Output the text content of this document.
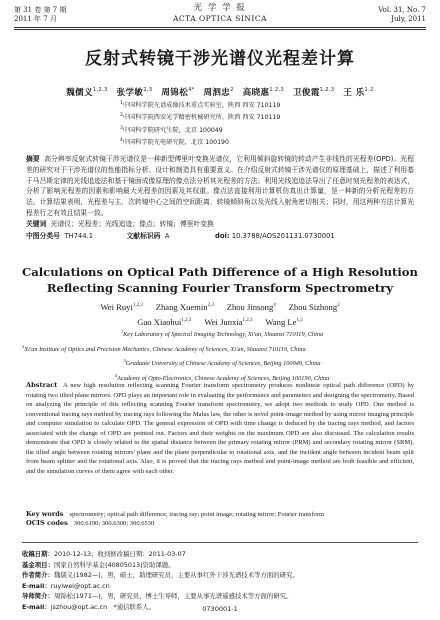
第 31 卷 第 7 期
2011 年 7 月
光 学 学 报
ACTA OPTICA SINICA
Vol. 31, No. 7
July, 2011
反射式转镜干涉光谱仪光程差计算
魏儒义$^{1,2,3}$  张学敏$^{2,3}$  周锦松$^{4*}$  周泗忠$^2$  高晓惠$^{1,2,3}$  卫俊霞$^{1,2,3}$  王 乐$^{1,2}$
$^1$中国科学院光谱成像技术重点实验室，陕西 西安 710119
$^2$中国科学院西安光学精密机械研究所，陕西 西安 710119
$^3$中国科学院研究生院，北京 100049
$^4$中国科学院光电研究院，北京 100190
摘要 高分辨率反射式转镜干涉光谱仪是一种新型傅里叶变换光谱仪，它利用倾斜旋转镜的转动产生非线性的光程差(OPD)。光程差的研究对于干涉光谱仪的性能指标分析、设计和制造具有重要意义。在介绍反射式转镜干涉光谱仪的原理基础上，描述了利用基于马吕斯定律的光线追迹法和基于镜面成像原理的像点法分析其光程差的方法。利用光线追迹法导出了任意时刻光程差的表达式，分析了影响光程差的因素和影响最大光程差的因素及其权重。像点法直接利用计算机仿真出计算量，是一种新的分析光程差的方法。计算结果表明，光程差与主、次转镜中心之间的空间距离、转镜倾斜角以及光线入射角密切相关；同时，用这两种方法计算光程差行之有效且结果一致。
关键词 光谱仪；光程差；光线追迹；像点；转镜；傅里叶变换
中图分类号 TH744.1	文献标识码 A	doi: 10.3788/AOS201131.0730001
Calculations on Optical Path Difference of a High Resolution Reflecting Scanning Fourier Transform Spectrometry
Wei Ruyi$^{1,2,3}$   Zhang Xuemin$^{2,3}$   Zhou Jinsong$^4$   Zhou Sizhong$^2$
Gao Xiaohui$^{1,2,3}$   Wei Junxia$^{1,2,3}$   Wang Le$^{1,2}$
$^1$Key Laboratory of Spectral Imaging Technology, Xi'an, Shaanxi 710119, China
$^2$Xi'an Institute of Optics and Precision Mechanics, Chinese Academy of Sciences, Xi'an, Shaanxi 710119, China
$^3$Graduate University of Chinese Academy of Sciences, Beijing 100049, China
$^4$Academy of Opto-Electronics, Chinese Academy of Sciences, Beijing 100190, China
Abstract A new high resolution reflecting scanning Fourier transform spectrometry produces nonlinear optical path difference (OPD) by rotating two tilted plane mirrors. OPD plays an important role in evaluating the performance and parameters and designing the spectrometry. Based on analyzing the principle of this reflecting scanning Fourier transform spectrometry, we adopt two methods to study OPD. One method is conventional tracing rays method by tracing rays following the Malus law, the other is novel point-image method by using mirror imaging principle and computer simulation to calculate OPD. The general expression of OPD with time change is deduced by the tracing rays method, and factors associated with the change of OPD are pointed out. Factors and their weights on the maximum OPD are also discussed. The calculation results demonstrate that OPD is closely related to the spatial distance between the primary rotating mirror (PRM) and secondary rotating mirror (SRM), the tilted angle between rotating mirrors' plane and the plane perpendicular to rotational axis, and the incident angle between incident beam split from beam splitter and the rotational axis. Also, it is proved that the tracing rays method and point-image method are both feasible and efficient, and the simulation curves of them agree with each other.
Key words spectrometry; optical path difference; tracing ray; point image; rotating mirror; Fourier transform
OCIS codes 300.6190; 300.6300; 300.6530
收稿日期：2010-12-13；收到修改稿日期：2011-03-07
基金项目：国家自然科学基金(40805013)资助课题。
作者简介：魏儒义(1982—)，男，硕士，助理研究员，主要从事红外干涉光谱技术等方面的研究。
E-mail：ruyiwei@opt.ac.cn
导师简介：周锦松(1971—)，男，研究员，博士生导师，主要从事光谱遥感技术等方面的研究。
E-mail：jszhou@opt.ac.cn  *通信联系人。	0730001-1
